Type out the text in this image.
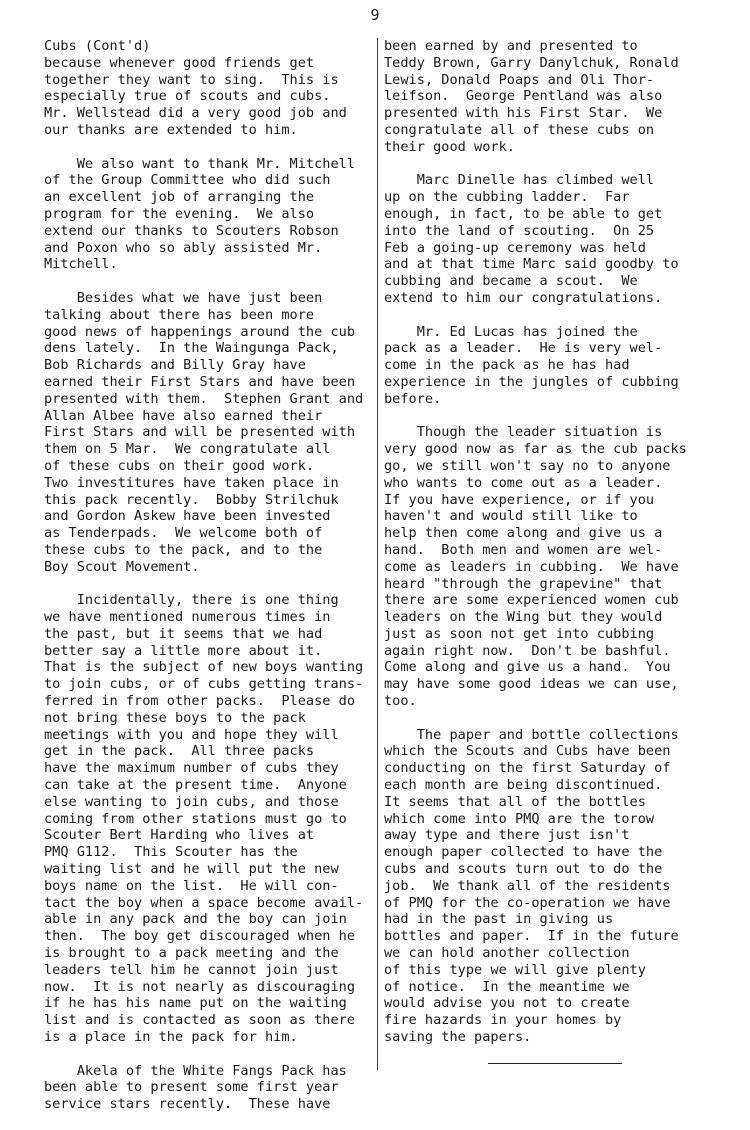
9
Cubs (Cont'd)
because whenever good friends get
together they want to sing.  This is
especially true of scouts and cubs.
Mr. Wellstead did a very good job and
our thanks are extended to him.
We also want to thank Mr. Mitchell
of the Group Committee who did such
an excellent job of arranging the
program for the evening.  We also
extend our thanks to Scouters Robson
and Poxon who so ably assisted Mr.
Mitchell.
Besides what we have just been
talking about there has been more
good news of happenings around the cub
dens lately.  In the Waingunga Pack,
Bob Richards and Billy Gray have
earned their First Stars and have been
presented with them.  Stephen Grant and
Allan Albee have also earned their
First Stars and will be presented with
them on 5 Mar.  We congratulate all
of these cubs on their good work.
Two investitures have taken place in
this pack recently.  Bobby Strilchuk
and Gordon Askew have been invested
as Tenderpads.  We welcome both of
these cubs to the pack, and to the
Boy Scout Movement.
Incidentally, there is one thing
we have mentioned numerous times in
the past, but it seems that we had
better say a little more about it.
That is the subject of new boys wanting
to join cubs, or of cubs getting trans-
ferred in from other packs.  Please do
not bring these boys to the pack
meetings with you and hope they will
get in the pack.  All three packs
have the maximum number of cubs they
can take at the present time.  Anyone
else wanting to join cubs, and those
coming from other stations must go to
Scouter Bert Harding who lives at
PMQ G112.  This Scouter has the
waiting list and he will put the new
boys name on the list.  He will con-
tact the boy when a space become avail-
able in any pack and the boy can join
then.  The boy get discouraged when he
is brought to a pack meeting and the
leaders tell him he cannot join just
now.  It is not nearly as discouraging
if he has his name put on the waiting
list and is contacted as soon as there
is a place in the pack for him.
Akela of the White Fangs Pack has
been able to present some first year
service stars recently.  These have
been earned by and presented to
Teddy Brown, Garry Danylchuk, Ronald
Lewis, Donald Poaps and Oli Thor-
leifson.  George Pentland was also
presented with his First Star.  We
congratulate all of these cubs on
their good work.
Marc Dinelle has climbed well
up on the cubbing ladder.  Far
enough, in fact, to be able to get
into the land of scouting.  On 25
Feb a going-up ceremony was held
and at that time Marc said goodby to
cubbing and became a scout.  We
extend to him our congratulations.
Mr. Ed Lucas has joined the
pack as a leader.  He is very wel-
come in the pack as he has had
experience in the jungles of cubbing
before.
Though the leader situation is
very good now as far as the cub packs
go, we still won't say no to anyone
who wants to come out as a leader.
If you have experience, or if you
haven't and would still like to
help then come along and give us a
hand.  Both men and women are wel-
come as leaders in cubbing.  We have
heard "through the grapevine" that
there are some experienced women cub
leaders on the Wing but they would
just as soon not get into cubbing
again right now.  Don't be bashful.
Come along and give us a hand.  You
may have some good ideas we can use,
too.
The paper and bottle collections
which the Scouts and Cubs have been
conducting on the first Saturday of
each month are being discontinued.
It seems that all of the bottles
which come into PMQ are the torow
away type and there just isn't
enough paper collected to have the
cubs and scouts turn out to do the
job.  We thank all of the residents
of PMQ for the co-operation we have
had in the past in giving us
bottles and paper.  If in the future
we can hold another collection
of this type we will give plenty
of notice.  In the meantime we
would advise you not to create
fire hazards in your homes by
saving the papers.
